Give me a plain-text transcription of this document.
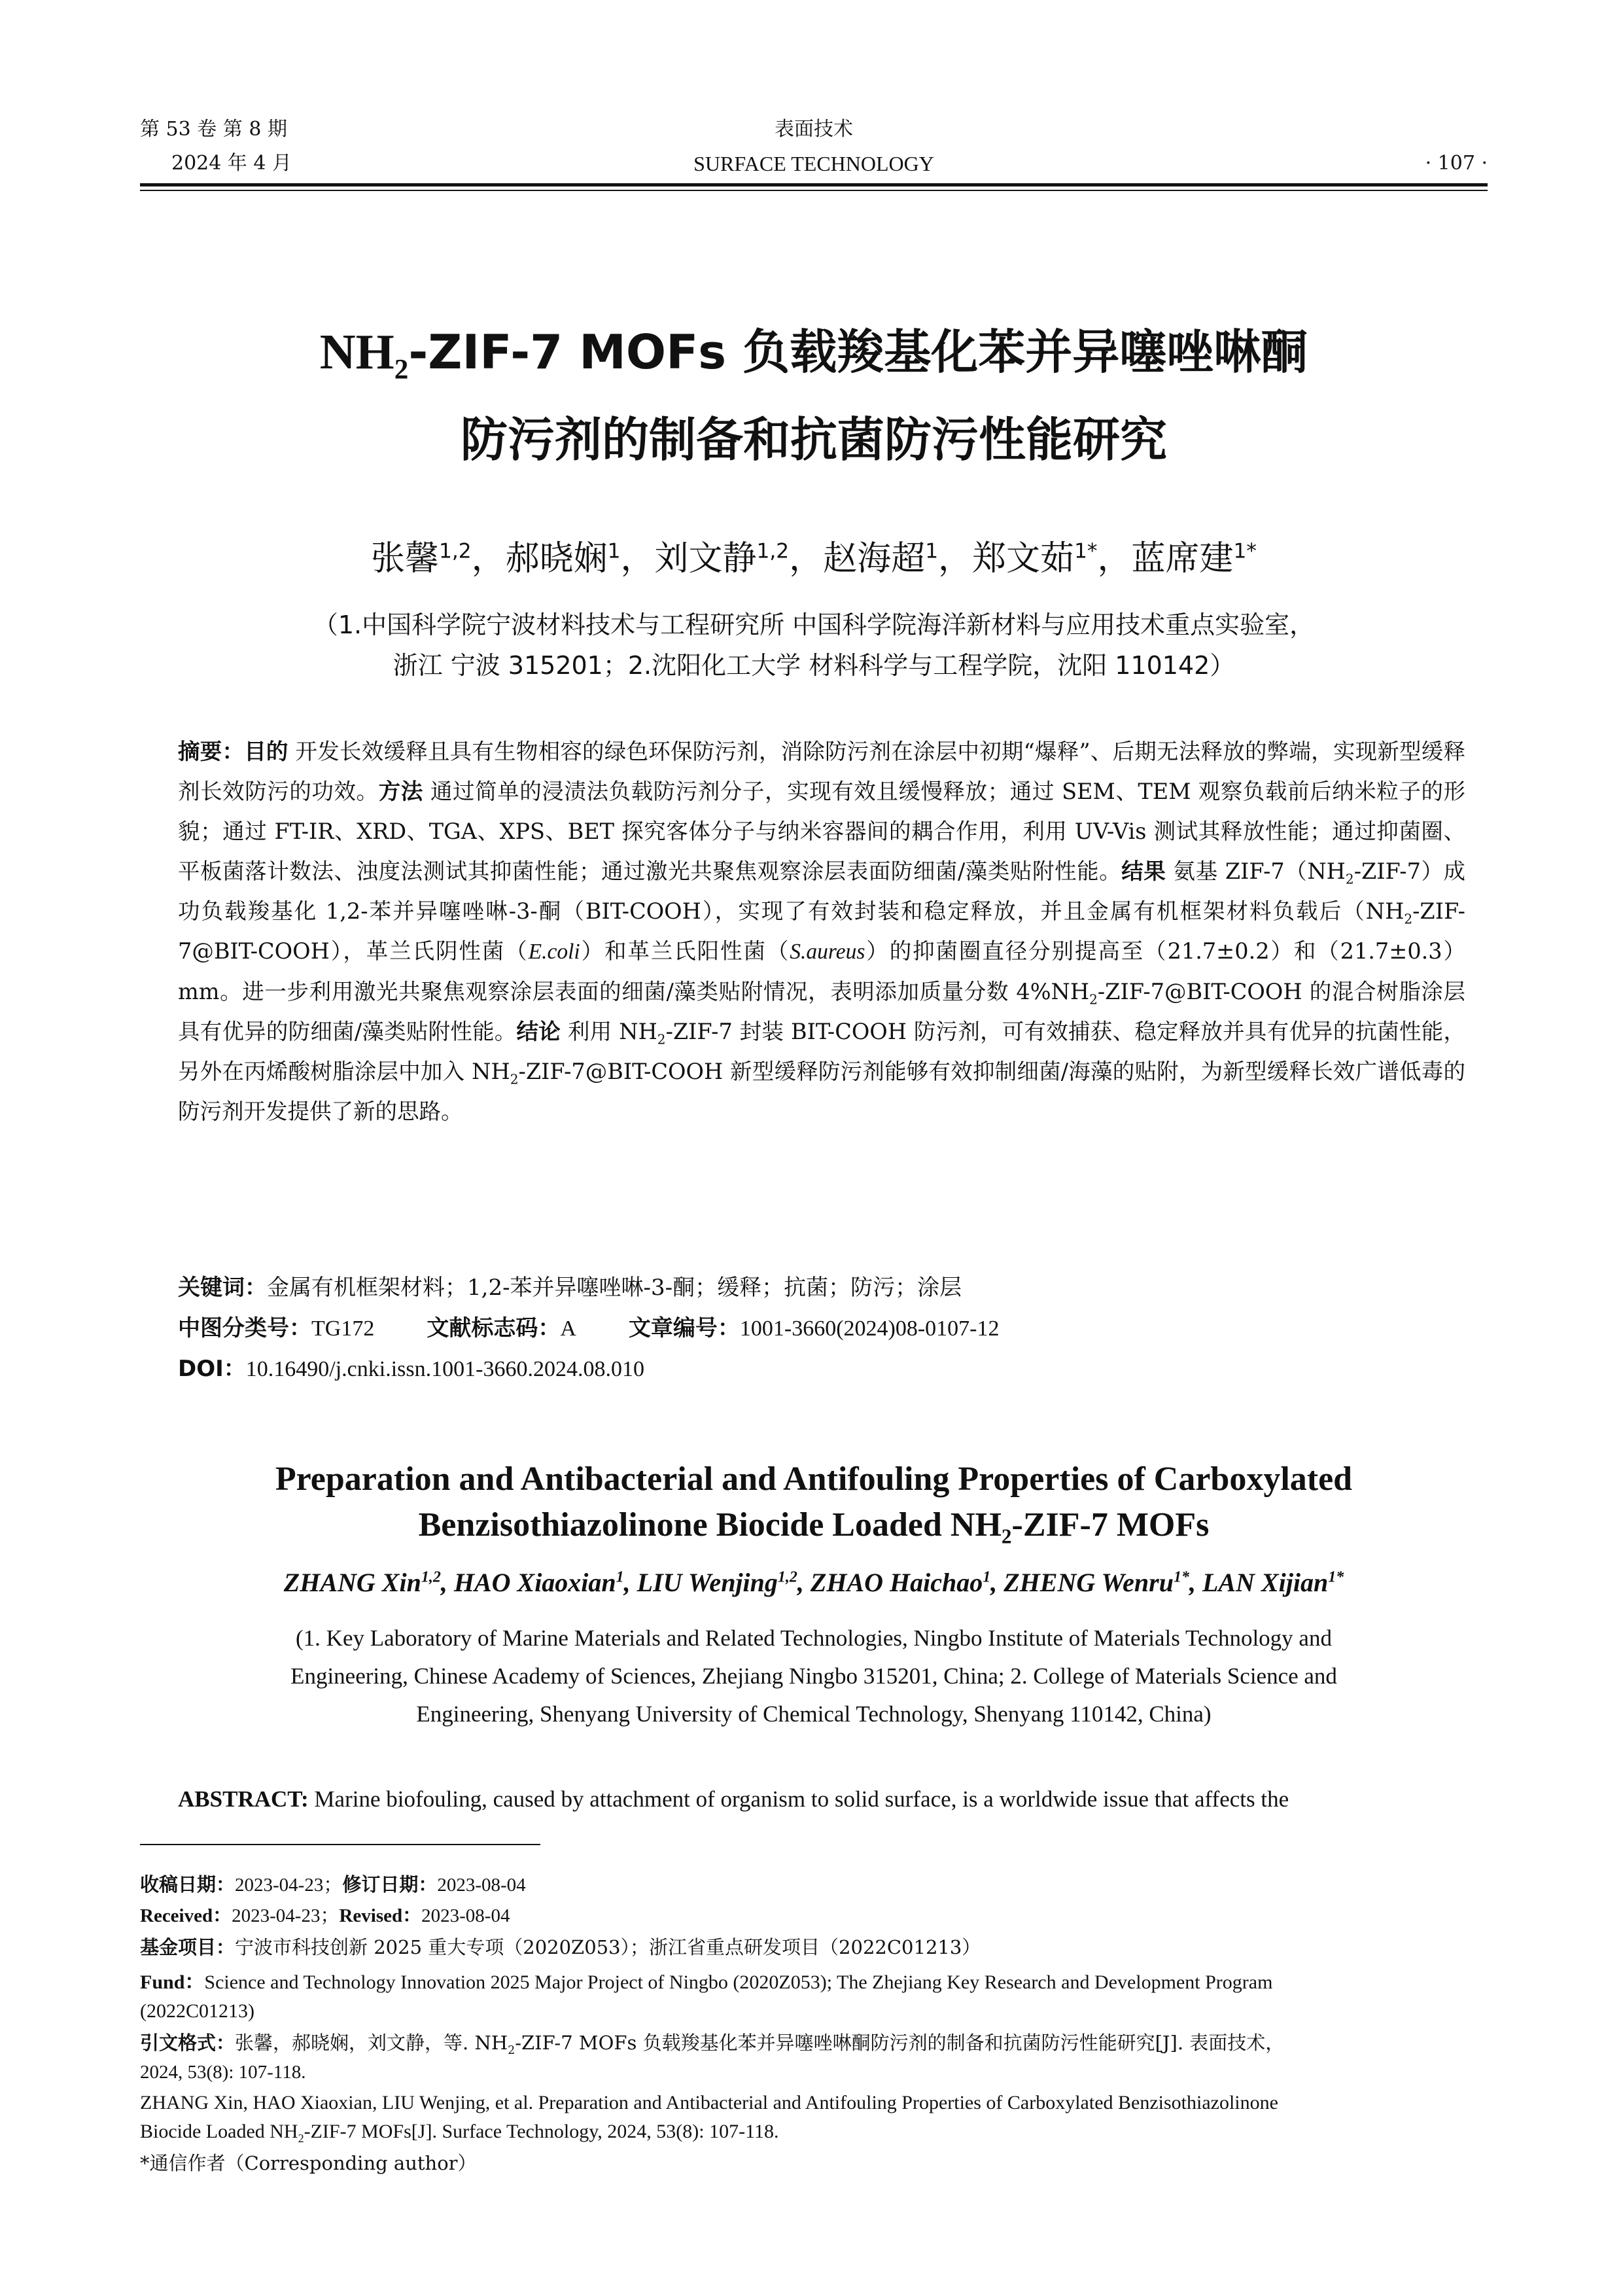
第 53 卷 第 8 期
2024 年 4 月
表面技术
SURFACE TECHNOLOGY	· 107 ·
$NH_2-ZIF-7$ MOFs 负载羧基化苯并异噻唑啉酮
防污剂的制备和抗菌防污性能研究
张馨$^{1,2}$，郝晓娴$^1$，刘文静$^{1,2}$，赵海超$^1$，郑文茹$^{1*}$，蓝席建$^{1*}$
（1.中国科学院宁波材料技术与工程研究所 中国科学院海洋新材料与应用技术重点实验室，
浙江 宁波 315201；2.沈阳化工大学 材料科学与工程学院，沈阳 110142）
摘要：目的 开发长效缓释且具有生物相容的绿色环保防污剂，消除防污剂在涂层中初期“爆释”、后期无法释放的弊端，实现新型缓释剂长效防污的功效。方法 通过简单的浸渍法负载防污剂分子，实现有效且缓慢释放；通过 SEM、TEM 观察负载前后纳米粒子的形貌；通过 FT-IR、XRD、TGA、XPS、BET 探究客体分子与纳米容器间的耦合作用，利用 UV-Vis 测试其释放性能；通过抑菌圈、平板菌落计数法、浊度法测试其抑菌性能；通过激光共聚焦观察涂层表面防细菌/藻类贴附性能。结果 氨基 ZIF-$7(NH_2-ZIF-7)$成功负载羧基化 1,2-苯并异噻唑啉-3-酮（BIT-COOH），实现了有效封装和稳定释放，并且金属有机框架材料负载后$(NH_2-ZIF-7@BIT-COOH)$，革兰氏阴性菌（E.coli）和革兰氏阳性菌（S.aureus）的抑菌圈直径分别提高至（21.7±0.2）和（21.7±0.3）mm。进一步利用激光共聚焦观察涂层表面的细菌/藻类贴附情况，表明添加质量分数 $4\%NH_2-ZIF-7@BIT$-COOH 的混合树脂涂层具有优异的防细菌/藻类贴附性能。结论 利用 $NH_2-ZIF-7$ 封装 BIT-COOH 防污剂，可有效捕获、稳定释放并具有优异的抗菌性能，另外在丙烯酸树脂涂层中加入 $NH_2-ZIF-7@BIT$-COOH 新型缓释防污剂能够有效抑制细菌/海藻的贴附，为新型缓释长效广谱低毒的防污剂开发提供了新的思路。
关键词：金属有机框架材料；1,2-苯并异噻唑啉-3-酮；缓释；抗菌；防污；涂层
中图分类号：TG172 文献标志码：A 文章编号：1001-3660(2024)08-0107-12
DOI：10.16490/j.cnki.issn.1001-3660.2024.08.010
Preparation and Antibacterial and Antifouling Properties of Carboxylated
Benzisothiazolinone Biocide Loaded $NH_2-ZIF-7$ MOFs
ZHANG Xin$^{1,2}$, HAO Xiaoxian$^1$, LIU Wenjing$^{1,2}$, ZHAO Haichao$^1$, ZHENG Wenru$^{1*}$, LAN Xijian$^{1*}$
(1. Key Laboratory of Marine Materials and Related Technologies, Ningbo Institute of Materials Technology and
Engineering, Chinese Academy of Sciences, Zhejiang Ningbo 315201, China; 2. College of Materials Science and
Engineering, Shenyang University of Chemical Technology, Shenyang 110142, China)
ABSTRACT: Marine biofouling, caused by attachment of organism to solid surface, is a worldwide issue that affects the
收稿日期：2023-04-23；修订日期：2023-08-04
Received：2023-04-23；Revised：2023-08-04
基金项目：宁波市科技创新 2025 重大专项（2020Z053）；浙江省重点研发项目（2022C01213）
Fund：Science and Technology Innovation 2025 Major Project of Ningbo (2020Z053); The Zhejiang Key Research and Development Program
(2022C01213)
引文格式：张馨，郝晓娴，刘文静，等. $NH_2-ZIF-7$ MOFs 负载羧基化苯并异噻唑啉酮防污剂的制备和抗菌防污性能研究[J]. 表面技术，
2024, 53(8): 107-118.
ZHANG Xin, HAO Xiaoxian, LIU Wenjing, et al. Preparation and Antibacterial and Antifouling Properties of Carboxylated Benzisothiazolinone
Biocide Loaded $NH_2-ZIF-7$ MOFs[J]. Surface Technology, 2024, 53(8): 107-118.
*通信作者（Corresponding author）
